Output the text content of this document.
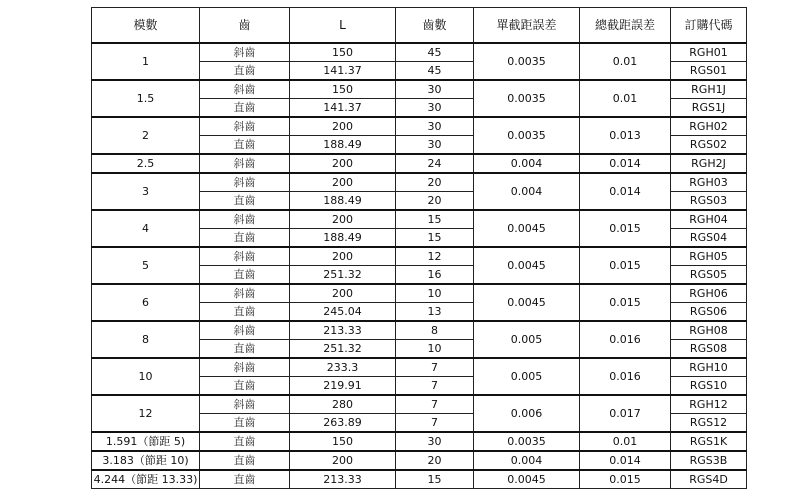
模數	齒	L	齒數	單截距誤差	總截距誤差	訂購代碼
1	斜齒	150	45	0.0035	0.01	RGH01
	直齒	141.37	45			RGS01
1.5	斜齒	150	30	0.0035	0.01	RGH1J
	直齒	141.37	30			RGS1J
2	斜齒	200	30	0.0035	0.013	RGH02
	直齒	188.49	30			RGS02
2.5	斜齒	200	24	0.004	0.014	RGH2J
3	斜齒	200	20	0.004	0.014	RGH03
	直齒	188.49	20			RGS03
4	斜齒	200	15	0.0045	0.015	RGH04
	直齒	188.49	15			RGS04
5	斜齒	200	12	0.0045	0.015	RGH05
	直齒	251.32	16			RGS05
6	斜齒	200	10	0.0045	0.015	RGH06
	直齒	245.04	13			RGS06
8	斜齒	213.33	8	0.005	0.016	RGH08
	直齒	251.32	10			RGS08
10	斜齒	233.3	7	0.005	0.016	RGH10
	直齒	219.91	7			RGS10
12	斜齒	280	7	0.006	0.017	RGH12
	直齒	263.89	7			RGS12
1.591（節距 5)	直齒	150	30	0.0035	0.01	RGS1K
3.183（節距 10)	直齒	200	20	0.004	0.014	RGS3B
4.244（節距 13.33)	直齒	213.33	15	0.0045	0.015	RGS4D
